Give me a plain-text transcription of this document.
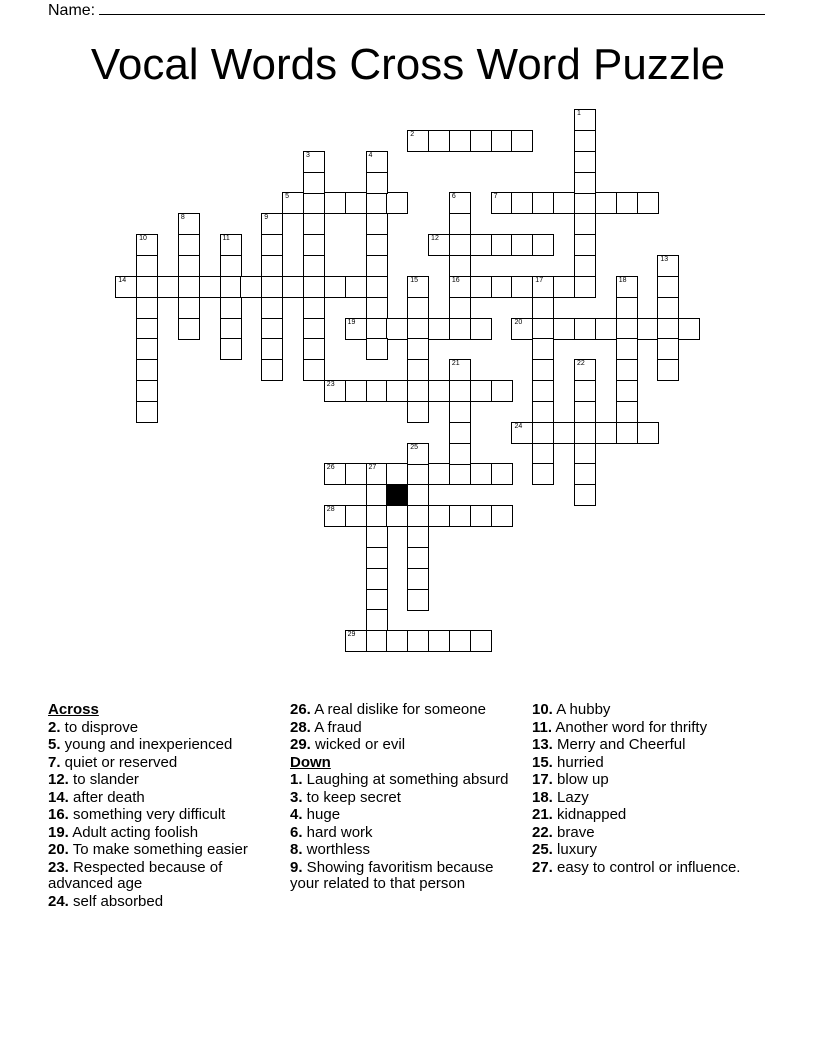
Name:
Vocal Words Cross Word Puzzle
2
5	7
12
14	16	17
19	20
23
24
26	27
28
29
1
3	4
6
8	9
10	11
13
15	18
21	22
25
Across
2. to disprove
5. young and inexperienced
7. quiet or reserved
12. to slander
14. after death
16. something very difficult
19. Adult acting foolish
20. To make something easier
23. Respected because of advanced age
24. self absorbed
26. A real dislike for someone
28. A fraud
29. wicked or evil
Down
1. Laughing at something absurd
3. to keep secret
4. huge
6. hard work
8. worthless
9. Showing favoritism because your related to that person
10. A hubby
11. Another word for thrifty
13. Merry and Cheerful
15. hurried
17. blow up
18. Lazy
21. kidnapped
22. brave
25. luxury
27. easy to control or influence.
